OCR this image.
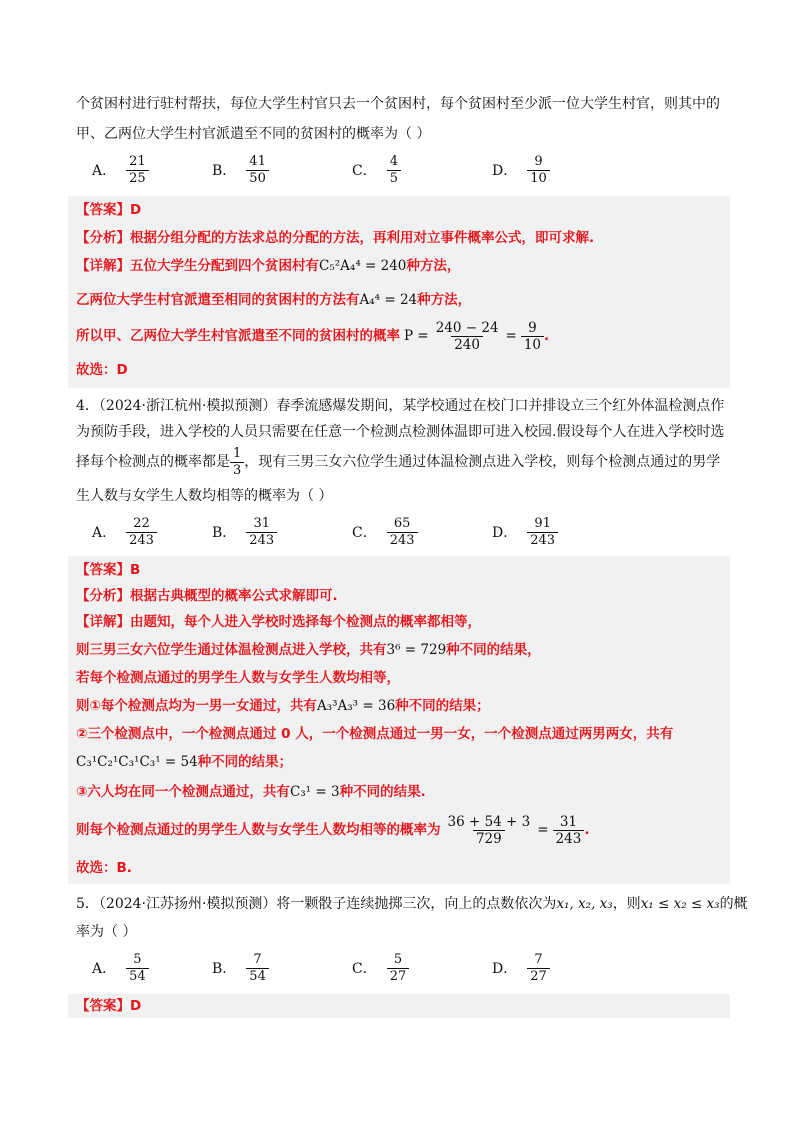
个贫困村进行驻村帮扶，每位大学生村官只去一个贫困村，每个贫困村至少派一位大学生村官，则其中的
甲、乙两位大学生村官派遣至不同的贫困村的概率为（ ）
A． $\frac{21}{25}$	B． $\frac{41}{50}$	C． $\frac{4}{5}$	D． $\frac{9}{10}$
【答案】D
【分析】根据分组分配的方法求总的分配的方法，再利用对立事件概率公式，即可求解.
【详解】五位大学生分配到四个贫困村有C₅²A₄⁴ = 240种方法，
乙两位大学生村官派遣至相同的贫困村的方法有A₄⁴ = 24种方法，
所以甲、乙两位大学生村官派遣至不同的贫困村的概率 $P = \frac{240 - 24}{240} = \frac{9}{10}$ .
故选：D
4．（2024·浙江杭州·模拟预测）春季流感爆发期间，某学校通过在校门口并排设立三个红外体温检测点作
为预防手段，进入学校的人员只需要在任意一个检测点检测体温即可进入校园.假设每个人在进入学校时选
择每个检测点的概率都是 $\frac{1}{3}$ ，现有三男三女六位学生通过体温检测点进入学校，则每个检测点通过的男学
生人数与女学生人数均相等的概率为（ ）
A． $\frac{22}{243}$	B． $\frac{31}{243}$	C． $\frac{65}{243}$	D． $\frac{91}{243}$
【答案】B
【分析】根据古典概型的概率公式求解即可.
【详解】由题知，每个人进入学校时选择每个检测点的概率都相等，
则三男三女六位学生通过体温检测点进入学校，共有3⁶ = 729种不同的结果，
若每个检测点通过的男学生人数与女学生人数均相等，
则①每个检测点均为一男一女通过，共有A₃³A₃³ = 36种不同的结果；
②三个检测点中，一个检测点通过 0 人，一个检测点通过一男一女，一个检测点通过两男两女，共有
C₃¹C₂¹C₃¹C₃¹ = 54种不同的结果；
③六人均在同一个检测点通过，共有C₃¹ = 3种不同的结果.
则每个检测点通过的男学生人数与女学生人数均相等的概率为 $\frac{36 + 54 + 3}{729} = \frac{31}{243}$ .
故选：B.
5．（2024·江苏扬州·模拟预测）将一颗骰子连续抛掷三次，向上的点数依次为x₁, x₂, x₃，则x₁ ≤ x₂ ≤ x₃的概
率为（ ）
A． $\frac{5}{54}$	B． $\frac{7}{54}$	C． $\frac{5}{27}$	D． $\frac{7}{27}$
【答案】D
